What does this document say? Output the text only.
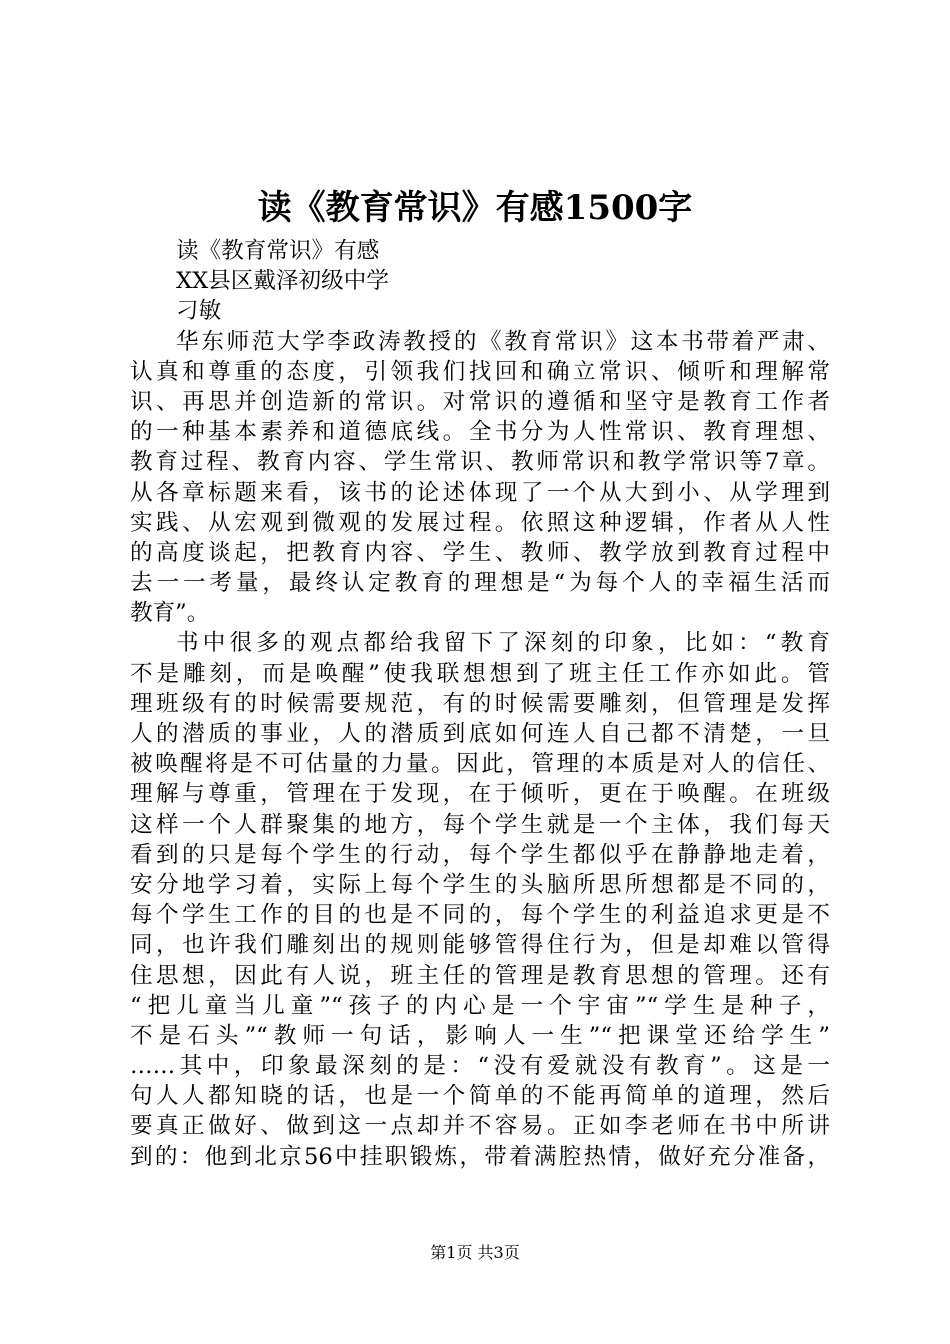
读《教育常识》有感1500字
读《教育常识》有感
XX县区戴泽初级中学
刁敏
华东师范大学李政涛教授的《教育常识》这本书带着严肃、
认真和尊重的态度，引领我们找回和确立常识、倾听和理解常
识、再思并创造新的常识。对常识的遵循和坚守是教育工作者
的一种基本素养和道德底线。全书分为人性常识、教育理想、
教育过程、教育内容、学生常识、教师常识和教学常识等7章。
从各章标题来看，该书的论述体现了一个从大到小、从学理到
实践、从宏观到微观的发展过程。依照这种逻辑，作者从人性
的高度谈起，把教育内容、学生、教师、教学放到教育过程中
去一一考量，最终认定教育的理想是“为每个人的幸福生活而
教育”。
书中很多的观点都给我留下了深刻的印象，比如：“教育
不是雕刻，而是唤醒”使我联想想到了班主任工作亦如此。管
理班级有的时候需要规范，有的时候需要雕刻，但管理是发挥
人的潜质的事业，人的潜质到底如何连人自己都不清楚，一旦
被唤醒将是不可估量的力量。因此，管理的本质是对人的信任、
理解与尊重，管理在于发现，在于倾听，更在于唤醒。在班级
这样一个人群聚集的地方，每个学生就是一个主体，我们每天
看到的只是每个学生的行动，每个学生都似乎在静静地走着，
安分地学习着，实际上每个学生的头脑所思所想都是不同的，
每个学生工作的目的也是不同的，每个学生的利益追求更是不
同，也许我们雕刻出的规则能够管得住行为，但是却难以管得
住思想，因此有人说，班主任的管理是教育思想的管理。还有
“把儿童当儿童”“孩子的内心是一个宇宙”“学生是种子，
不是石头”“教师一句话，影响人一生”“把课堂还给学生”
……其中，印象最深刻的是：“没有爱就没有教育”。这是一
句人人都知晓的话，也是一个简单的不能再简单的道理，然后
要真正做好、做到这一点却并不容易。正如李老师在书中所讲
到的：他到北京56中挂职锻炼，带着满腔热情，做好充分准备，
第1页 共3页
